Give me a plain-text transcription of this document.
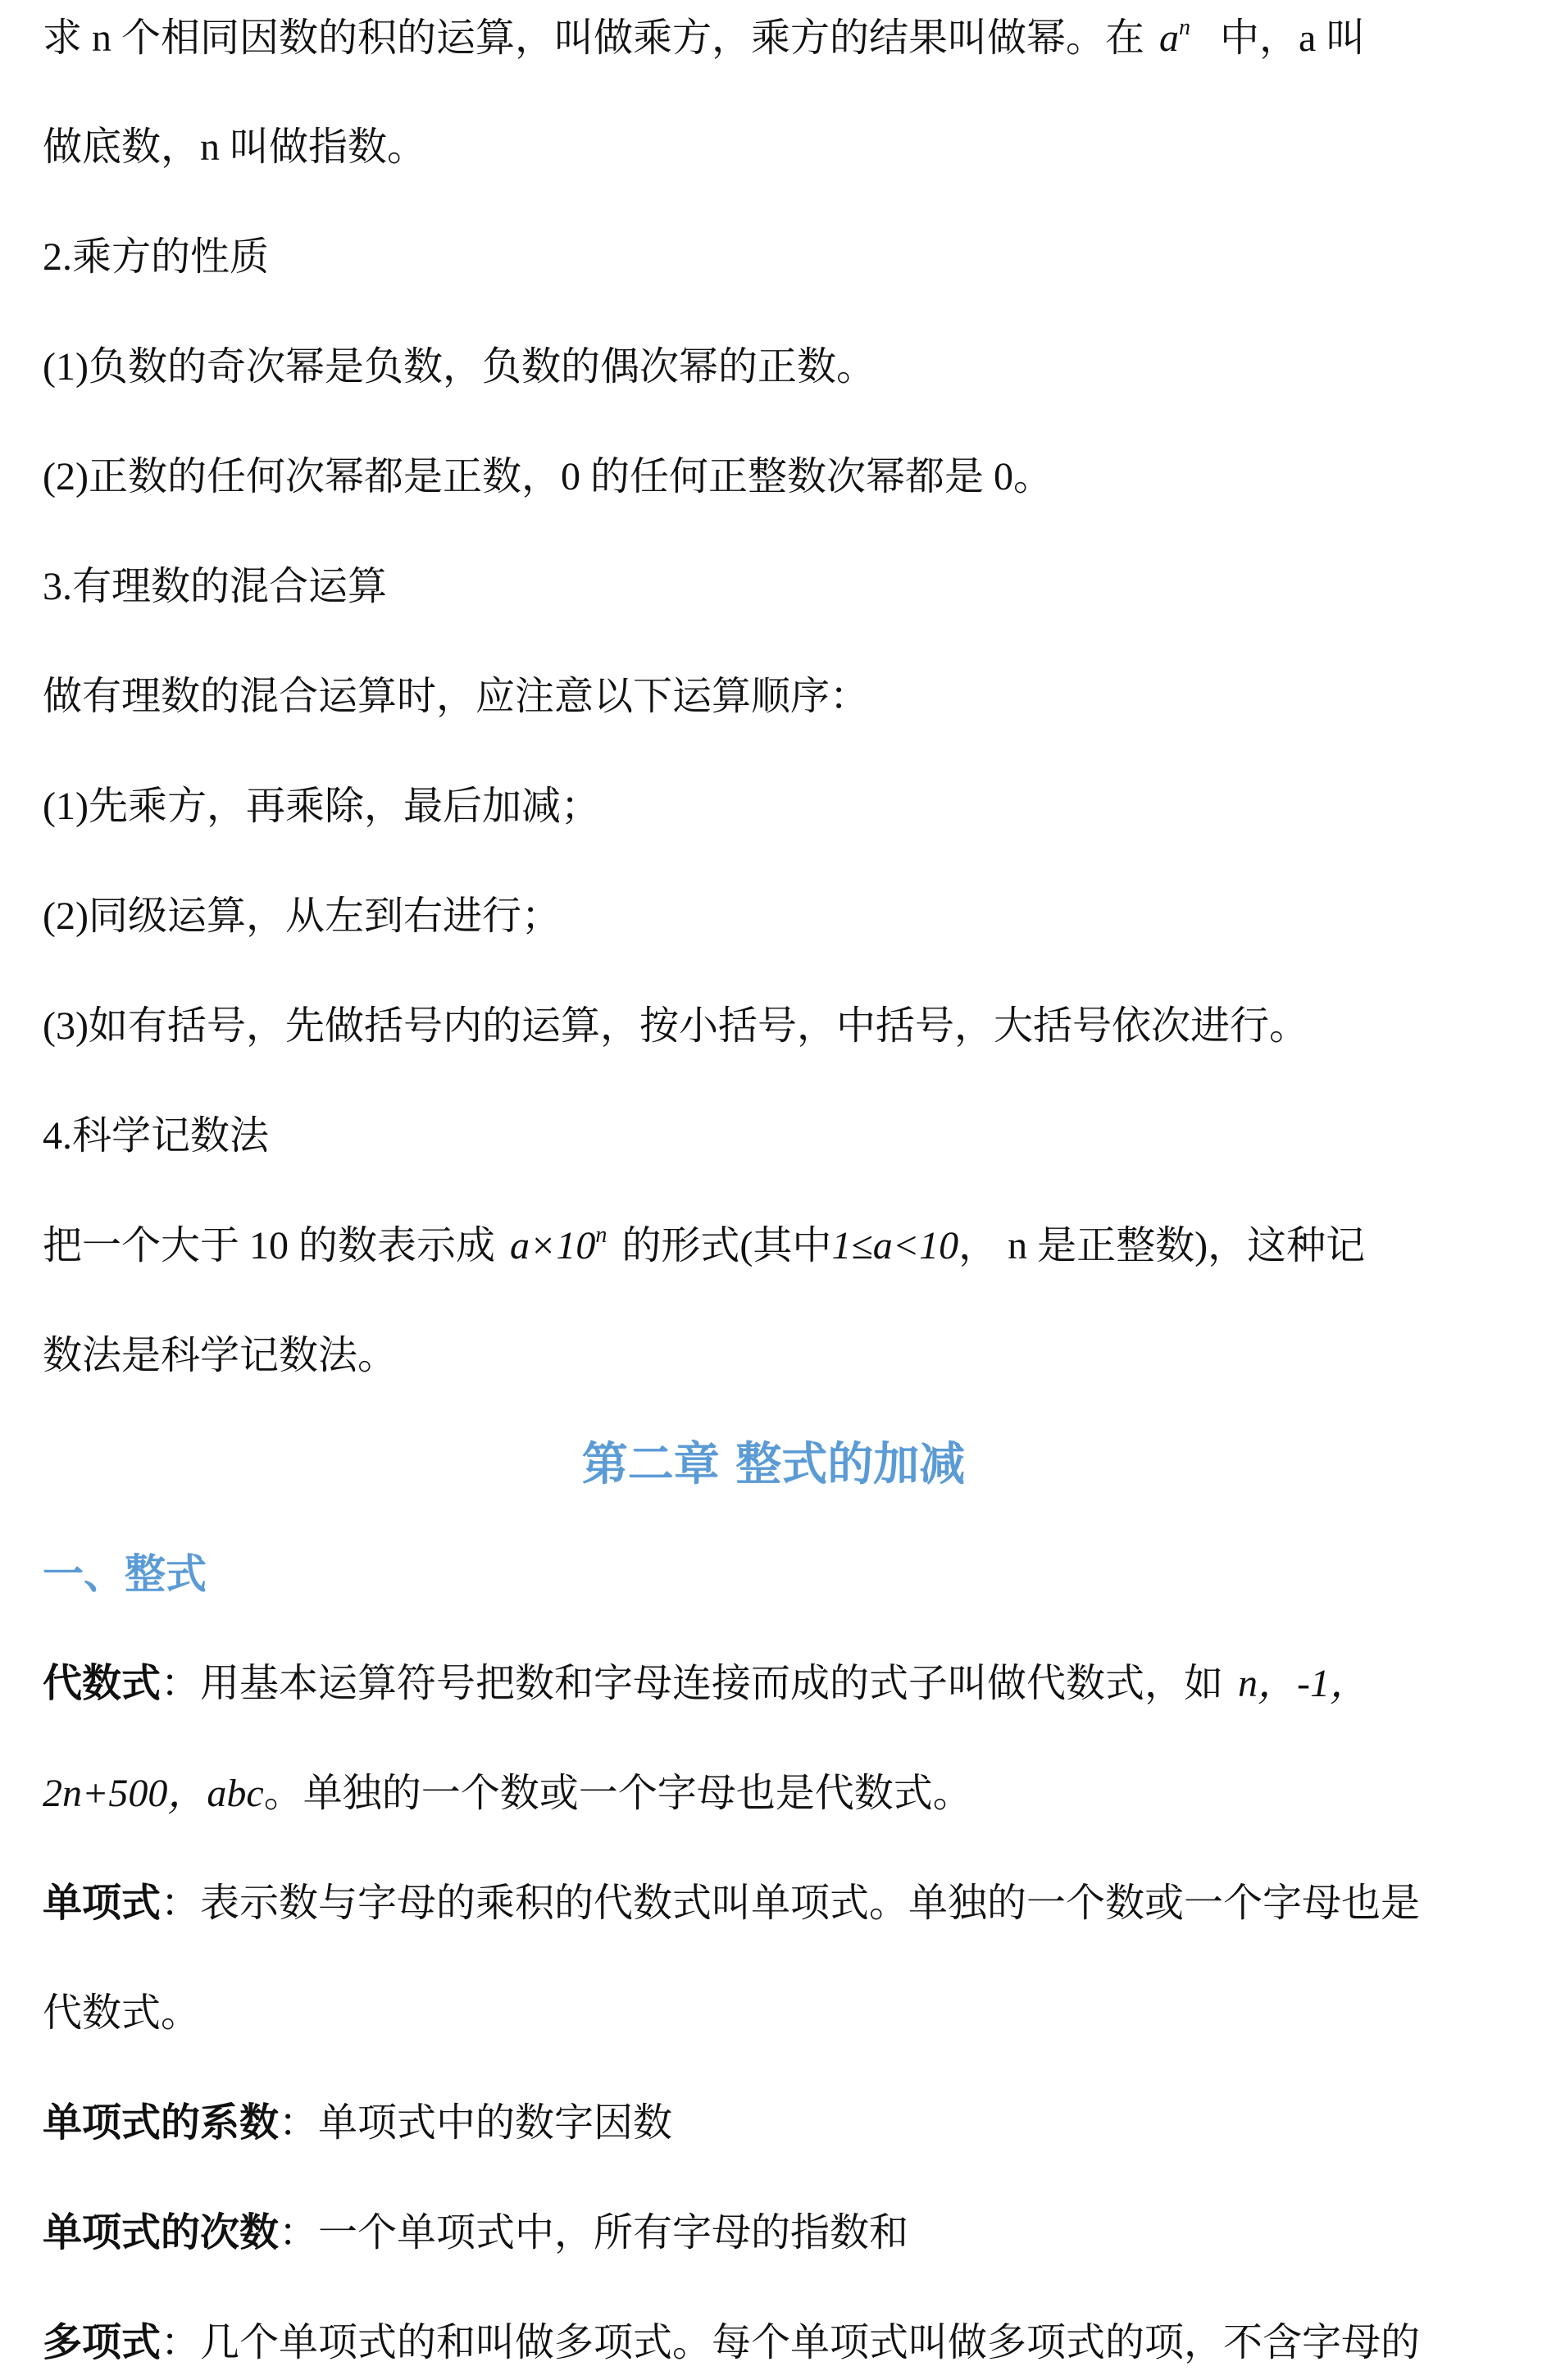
求 n 个相同因数的积的运算，叫做乘方，乘方的结果叫做幂。在 $a^n$ 中，a 叫
做底数，n 叫做指数。
2.乘方的性质
(1)负数的奇次幂是负数，负数的偶次幂的正数。
(2)正数的任何次幂都是正数，0 的任何正整数次幂都是 0。
3.有理数的混合运算
做有理数的混合运算时，应注意以下运算顺序：
(1)先乘方，再乘除，最后加减；
(2)同级运算，从左到右进行；
(3)如有括号，先做括号内的运算，按小括号，中括号，大括号依次进行。
4.科学记数法
把一个大于 10 的数表示成 $a\times 10^n$ 的形式(其中1≤a<10， n 是正整数)，这种记
数法是科学记数法。
第二章 整式的加减
一、整式
代数式：用基本运算符号把数和字母连接而成的式子叫做代数式，如 n，-1，
2n+500，abc。单独的一个数或一个字母也是代数式。
单项式：表示数与字母的乘积的代数式叫单项式。单独的一个数或一个字母也是
代数式。
单项式的系数：单项式中的数字因数
单项式的次数：一个单项式中，所有字母的指数和
多项式：几个单项式的和叫做多项式。每个单项式叫做多项式的项，不含字母的
